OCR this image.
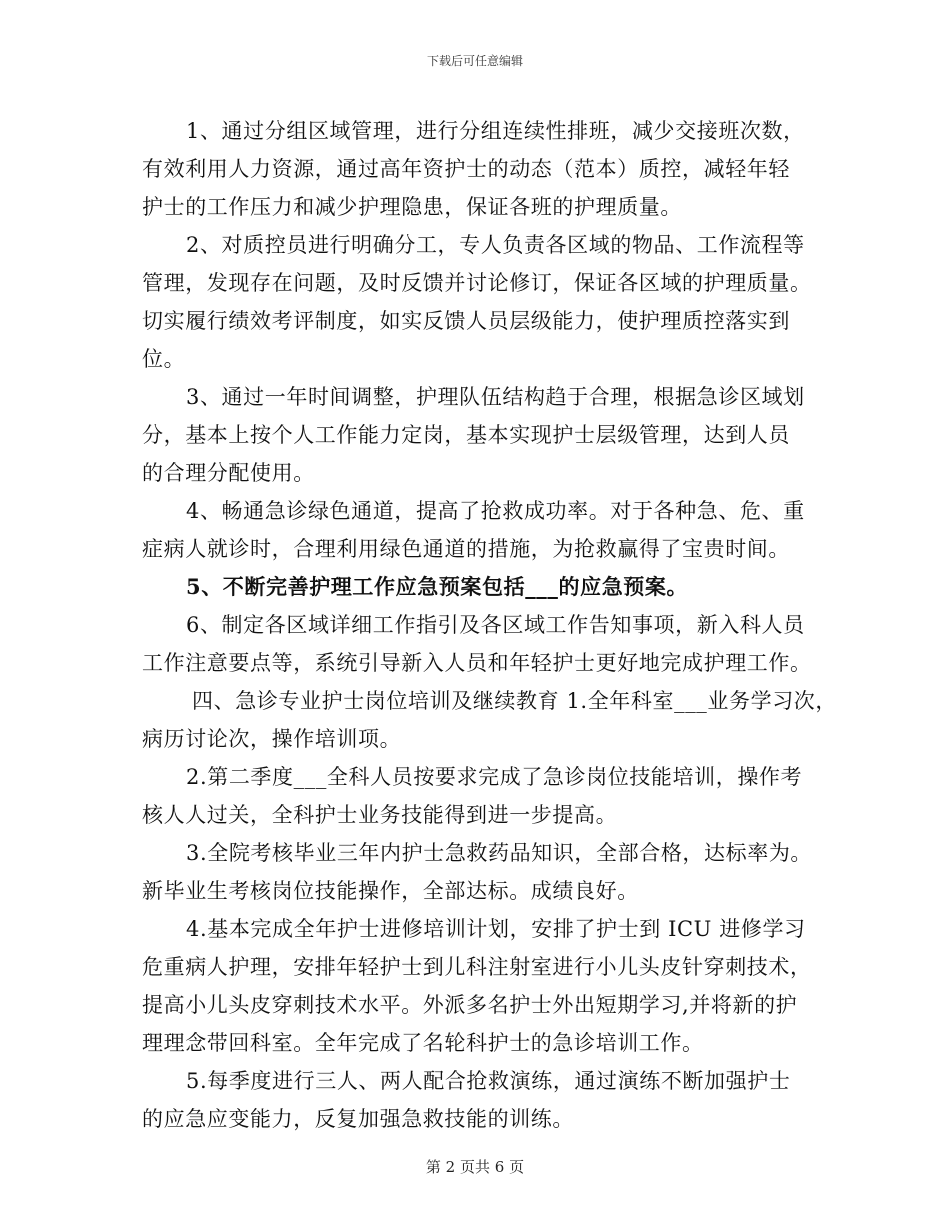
下载后可任意编辑
1、通过分组区域管理，进行分组连续性排班，减少交接班次数，
有效利用人力资源，通过高年资护士的动态（范本）质控，减轻年轻
护士的工作压力和减少护理隐患，保证各班的护理质量。
2、对质控员进行明确分工，专人负责各区域的物品、工作流程等
管理，发现存在问题，及时反馈并讨论修订，保证各区域的护理质量。
切实履行绩效考评制度，如实反馈人员层级能力，使护理质控落实到
位。
3、通过一年时间调整，护理队伍结构趋于合理，根据急诊区域划
分，基本上按个人工作能力定岗，基本实现护士层级管理，达到人员
的合理分配使用。
4、畅通急诊绿色通道，提高了抢救成功率。对于各种急、危、重
症病人就诊时，合理利用绿色通道的措施，为抢救赢得了宝贵时间。
5、不断完善护理工作应急预案包括___的应急预案。
6、制定各区域详细工作指引及各区域工作告知事项，新入科人员
工作注意要点等，系统引导新入人员和年轻护士更好地完成护理工作。
四、急诊专业护士岗位培训及继续教育 1.全年科室___业务学习次，
病历讨论次，操作培训项。
2.第二季度___全科人员按要求完成了急诊岗位技能培训，操作考
核人人过关，全科护士业务技能得到进一步提高。
3.全院考核毕业三年内护士急救药品知识，全部合格，达标率为。
新毕业生考核岗位技能操作，全部达标。成绩良好。
4.基本完成全年护士进修培训计划，安排了护士到 ICU 进修学习
危重病人护理，安排年轻护士到儿科注射室进行小儿头皮针穿刺技术，
提高小儿头皮穿刺技术水平。外派多名护士外出短期学习,并将新的护
理理念带回科室。全年完成了名轮科护士的急诊培训工作。
5.每季度进行三人、两人配合抢救演练，通过演练不断加强护士
的应急应变能力，反复加强急救技能的训练。
第 2 页共 6 页
